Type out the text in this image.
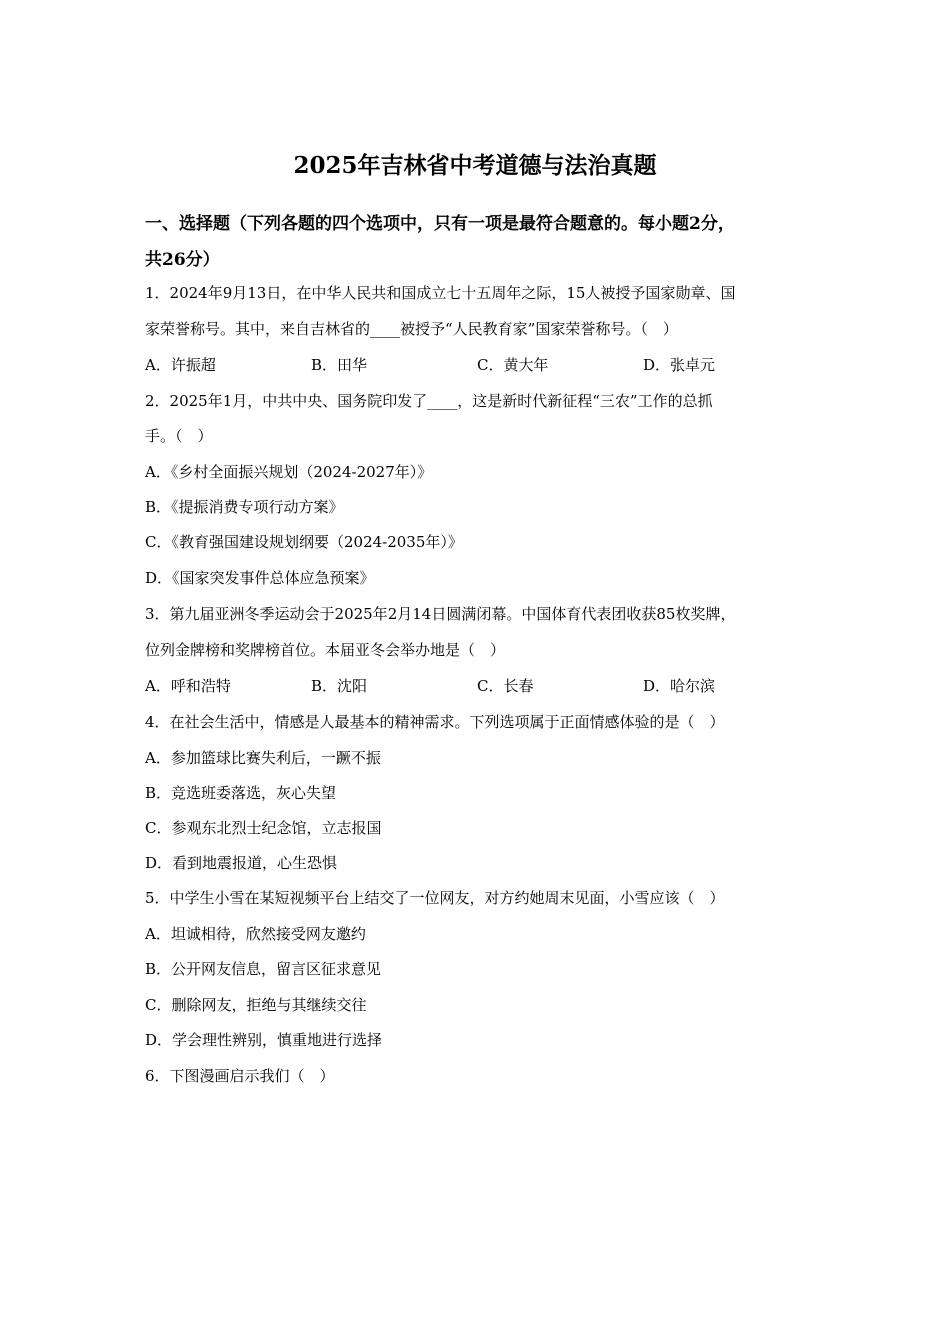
2025年吉林省中考道德与法治真题
一、选择题（下列各题的四个选项中，只有一项是最符合题意的。每小题2分，
共26分）
1．2024年9月13日，在中华人民共和国成立七十五周年之际，15人被授予国家勋章、国
家荣誉称号。其中，来自吉林省的____被授予“人民教育家”国家荣誉称号。（　）
A．许振超	B．田华	C．黄大年	D．张卓元
2．2025年1月，中共中央、国务院印发了____，这是新时代新征程“三农”工作的总抓
手。（　）
A．《乡村全面振兴规划（2024-2027年）》
B．《提振消费专项行动方案》
C．《教育强国建设规划纲要（2024-2035年）》
D．《国家突发事件总体应急预案》
3．第九届亚洲冬季运动会于2025年2月14日圆满闭幕。中国体育代表团收获85枚奖牌，
位列金牌榜和奖牌榜首位。本届亚冬会举办地是（　）
A．呼和浩特	B．沈阳	C．长春	D．哈尔滨
4．在社会生活中，情感是人最基本的精神需求。下列选项属于正面情感体验的是（　）
A．参加篮球比赛失利后，一蹶不振
B．竞选班委落选，灰心失望
C．参观东北烈士纪念馆，立志报国
D．看到地震报道，心生恐惧
5．中学生小雪在某短视频平台上结交了一位网友，对方约她周末见面，小雪应该（　）
A．坦诚相待，欣然接受网友邀约
B．公开网友信息，留言区征求意见
C．删除网友，拒绝与其继续交往
D．学会理性辨别，慎重地进行选择
6．下图漫画启示我们（　）
